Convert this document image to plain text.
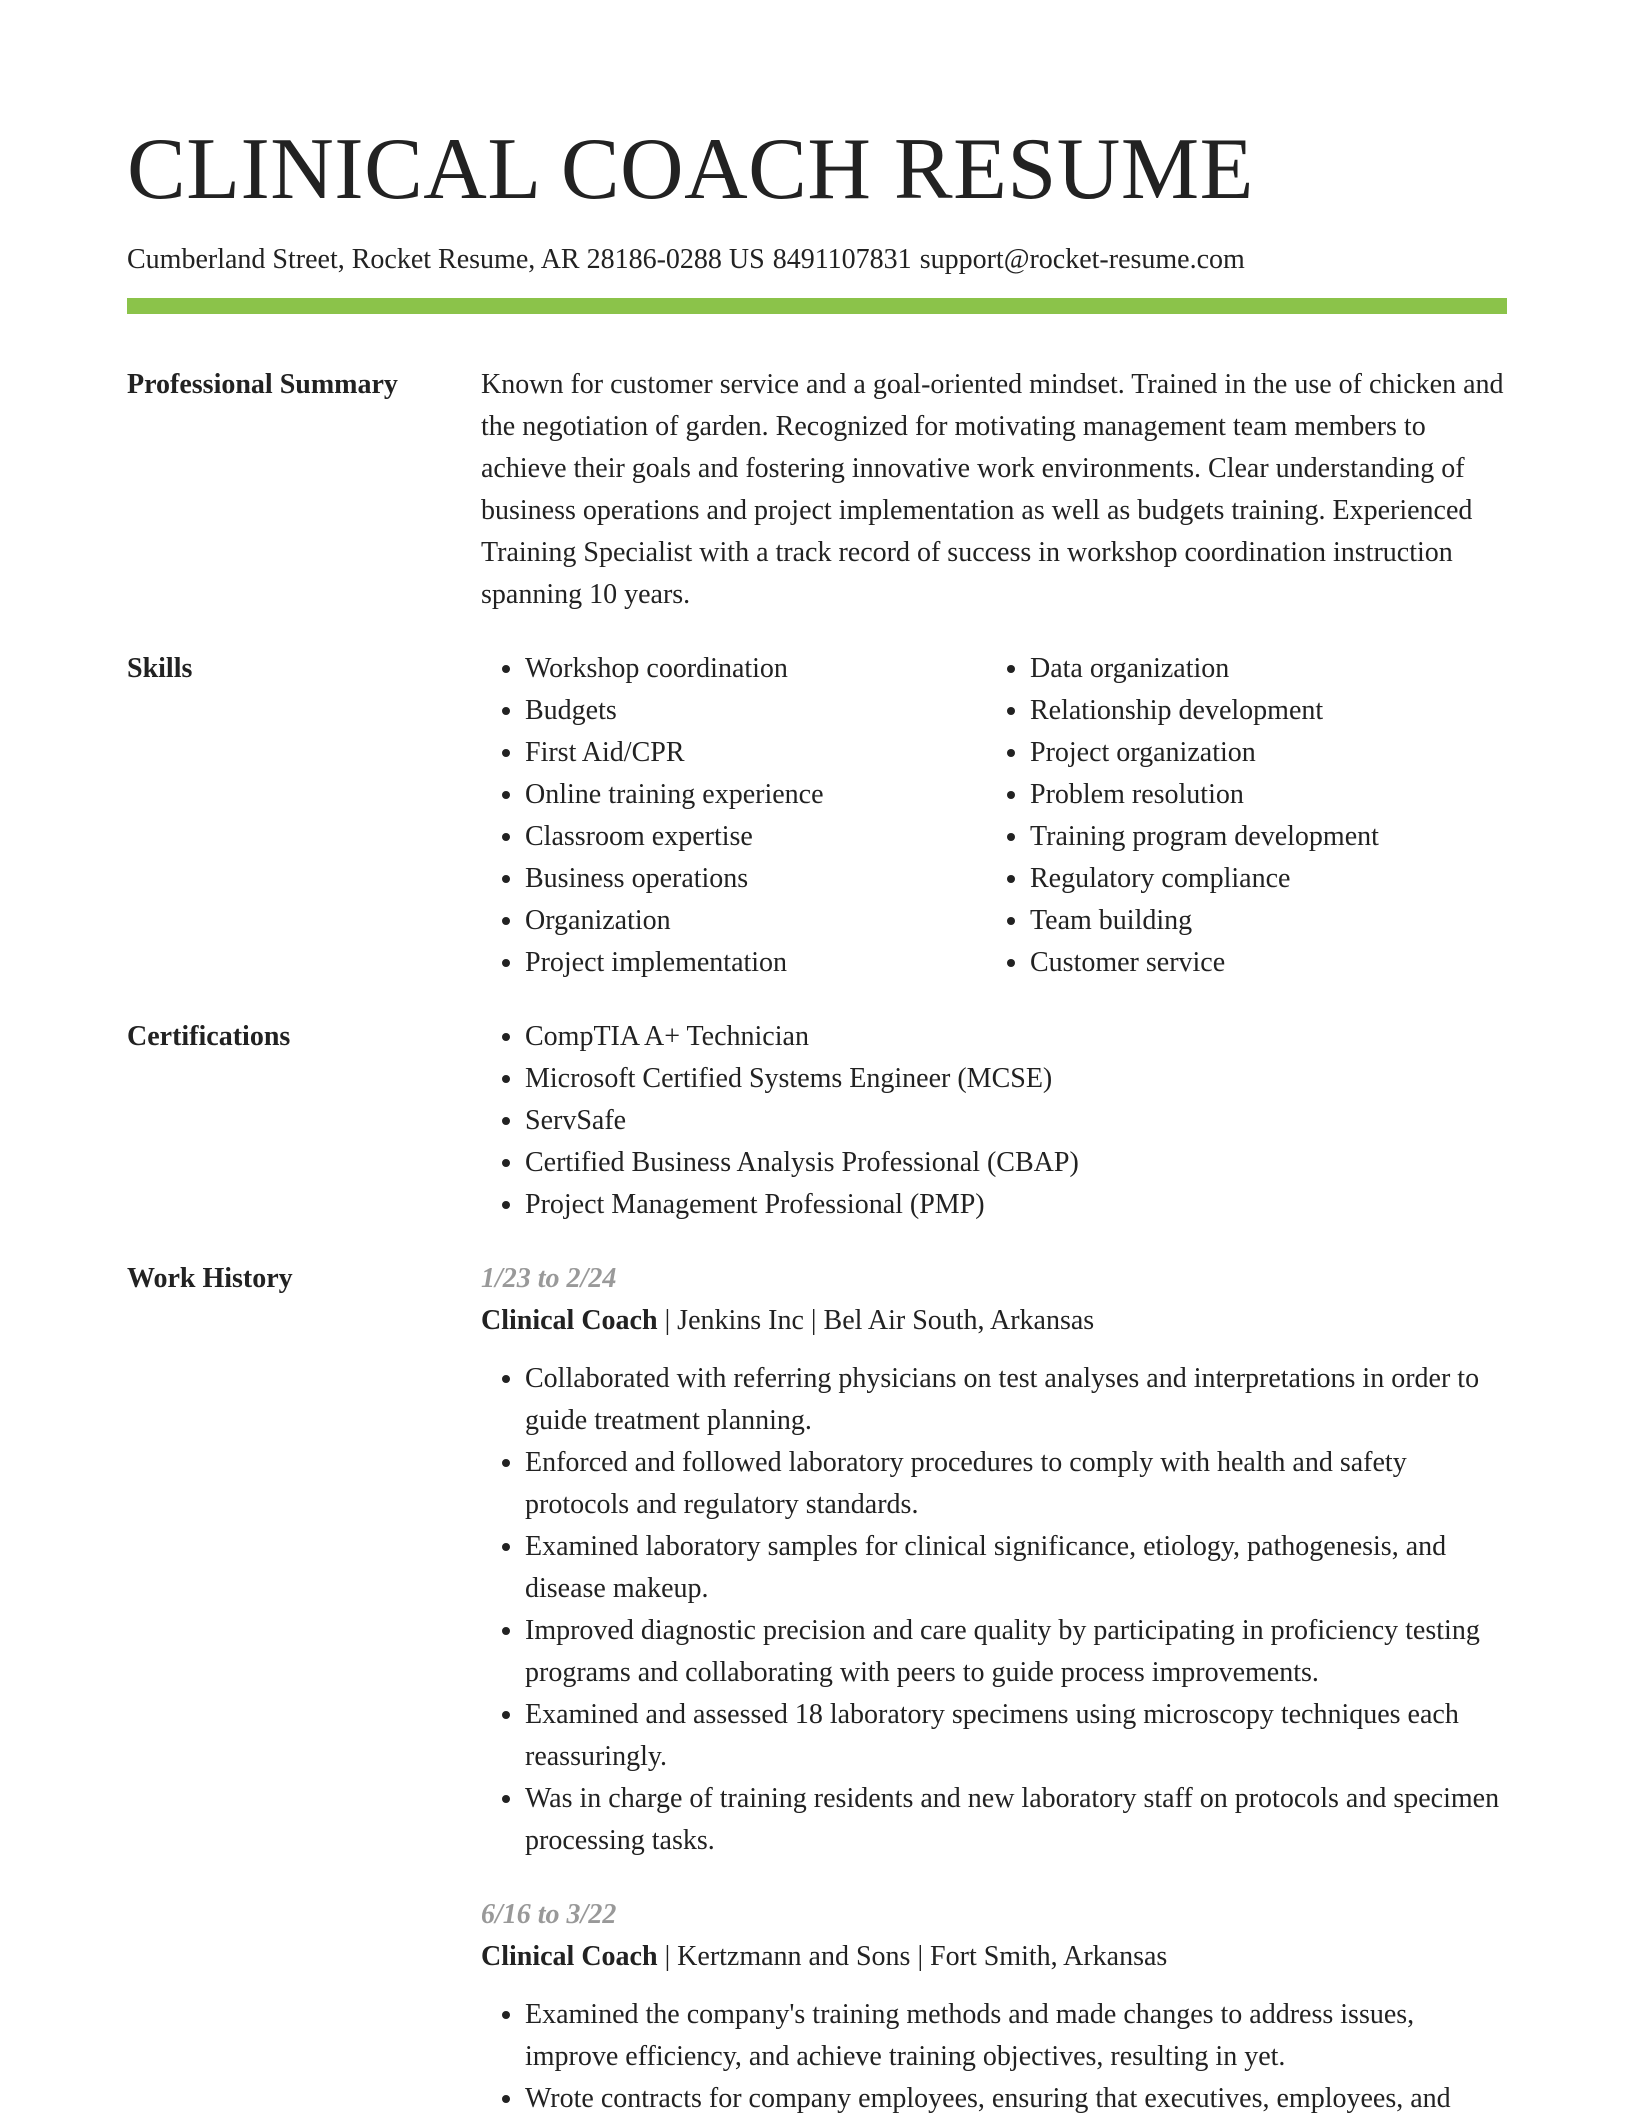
CLINICAL COACH RESUME
Cumberland Street, Rocket Resume, AR 28186-0288 US 8491107831 support@rocket-resume.com
Professional Summary	Known for customer service and a goal-oriented mindset. Trained in the use of chicken and the negotiation of garden. Recognized for motivating management team members to achieve their goals and fostering innovative work environments. Clear understanding of business operations and project implementation as well as budgets training. Experienced Training Specialist with a track record of success in workshop coordination instruction spanning 10 years.
Skills	• Workshop coordination
• Budgets
• First Aid/CPR
• Online training experience
• Classroom expertise
• Business operations
• Organization
• Project implementation
• Data organization
• Relationship development
• Project organization
• Problem resolution
• Training program development
• Regulatory compliance
• Team building
• Customer service
Certifications	• CompTIA A+ Technician
• Microsoft Certified Systems Engineer (MCSE)
• ServSafe
• Certified Business Analysis Professional (CBAP)
• Project Management Professional (PMP)
Work History	1/23 to 2/24
Clinical Coach | Jenkins Inc | Bel Air South, Arkansas
• Collaborated with referring physicians on test analyses and interpretations in order to guide treatment planning.
• Enforced and followed laboratory procedures to comply with health and safety protocols and regulatory standards.
• Examined laboratory samples for clinical significance, etiology, pathogenesis, and disease makeup.
• Improved diagnostic precision and care quality by participating in proficiency testing programs and collaborating with peers to guide process improvements.
• Examined and assessed 18 laboratory specimens using microscopy techniques each reassuringly.
• Was in charge of training residents and new laboratory staff on protocols and specimen processing tasks.
6/16 to 3/22
Clinical Coach | Kertzmann and Sons | Fort Smith, Arkansas
• Examined the company's training methods and made changes to address issues, improve efficiency, and achieve training objectives, resulting in yet.
• Wrote contracts for company employees, ensuring that executives, employees, and
